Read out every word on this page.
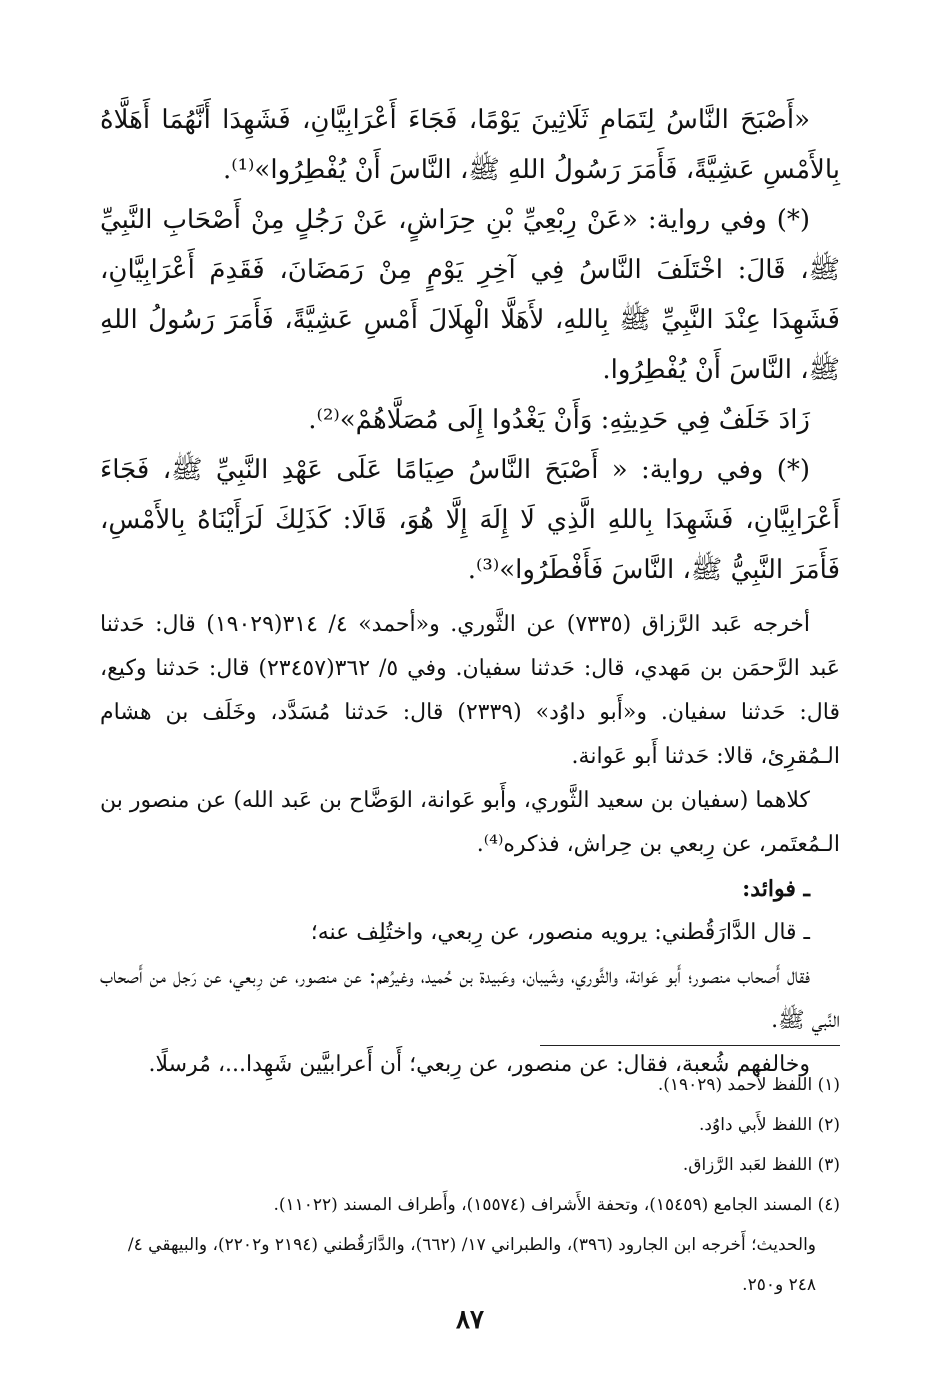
«أَصْبَحَ النَّاسُ لِتَمَامِ ثَلَاثِينَ يَوْمًا، فَجَاءَ أَعْرَابِيَّانِ، فَشَهِدَا أَنَّهُمَا أَهَلَّاهُ بِالأَمْسِ عَشِيَّةً، فَأَمَرَ رَسُولُ اللهِ ﷺ، النَّاسَ أَنْ يُفْطِرُوا»⁽¹⁾.

(*) وفي رواية: «عَنْ رِبْعِيِّ بْنِ حِرَاشٍ، عَنْ رَجُلٍ مِنْ أَصْحَابِ النَّبِيِّ ﷺ، قَالَ: اخْتَلَفَ النَّاسُ فِي آخِرِ يَوْمٍ مِنْ رَمَضَانَ، فَقَدِمَ أَعْرَابِيَّانِ، فَشَهِدَا عِنْدَ النَّبِيِّ ﷺ بِاللهِ، لأَهَلَّا الْهِلَالَ أَمْسِ عَشِيَّةً، فَأَمَرَ رَسُولُ اللهِ ﷺ، النَّاسَ أَنْ يُفْطِرُوا.

زَادَ خَلَفٌ فِي حَدِيثِهِ: وَأَنْ يَغْدُوا إِلَى مُصَلَّاهُمْ»⁽²⁾.

(*) وفي رواية: « أَصْبَحَ النَّاسُ صِيَامًا عَلَى عَهْدِ النَّبِيِّ ﷺ، فَجَاءَ أَعْرَابِيَّانِ، فَشَهِدَا بِاللهِ الَّذِي لَا إِلَهَ إِلَّا هُوَ، قَالَا: كَذَلِكَ لَرَأَيْنَاهُ بِالأَمْسِ، فَأَمَرَ النَّبِيُّ ﷺ، النَّاسَ فَأَفْطَرُوا»⁽³⁾.

أخرجه عَبد الرَّزاق (٧٣٣٥) عن الثَّوري. و«أحمد» ٤/ ٣١٤(١٩٠٢٩) قال: حَدثنا عَبد الرَّحمَن بن مَهدي، قال: حَدثنا سفيان. وفي ٥/ ٣٦٢(٢٣٤٥٧) قال: حَدثنا وكيع، قال: حَدثنا سفيان. و«أَبو داوُد» (٢٣٣٩) قال: حَدثنا مُسَدَّد، وخَلَف بن هشام الـمُقرِئ، قالا: حَدثنا أَبو عَوانة.

كلاهما (سفيان بن سعيد الثَّوري، وأَبو عَوانة، الوَضَّاح بن عَبد الله) عن منصور بن الـمُعتَمر، عن رِبعي بن حِراش، فذكره⁽⁴⁾.

ـ فوائد:

ـ قال الدَّارَقُطني: يرويه منصور، عن رِبعي، واختُلِف عنه؛

فقال أَصحاب منصور؛ أَبو عَوانة، والثَّوري، وشَيبان، وعَبيدة بن حُميد، وغيرُهم: عن منصور، عن رِبعي، عن رَجل من أَصحاب النَّبي ﷺ.

وخالفهم شُعبة، فقال: عن منصور، عن رِبعي؛ أَن أَعرابيَّين شَهِدا...، مُرسلًا.

(١) اللفظ لأَحمد (١٩٠٢٩).

(٢) اللفظ لأَبي داوُد.

(٣) اللفظ لعَبد الرَّزاق.

(٤) المسند الجامع (١٥٤٥٩)، وتحفة الأَشراف (١٥٥٧٤)، وأَطراف المسند (١١٠٢٢).

والحديث؛ أَخرجه ابن الجارود (٣٩٦)، والطبراني ١٧/ (٦٦٢)، والدَّارَقُطني (٢١٩٤ و٢٢٠٢)، والبيهقي ٤/ ٢٤٨ و٢٥٠.

٨٧
